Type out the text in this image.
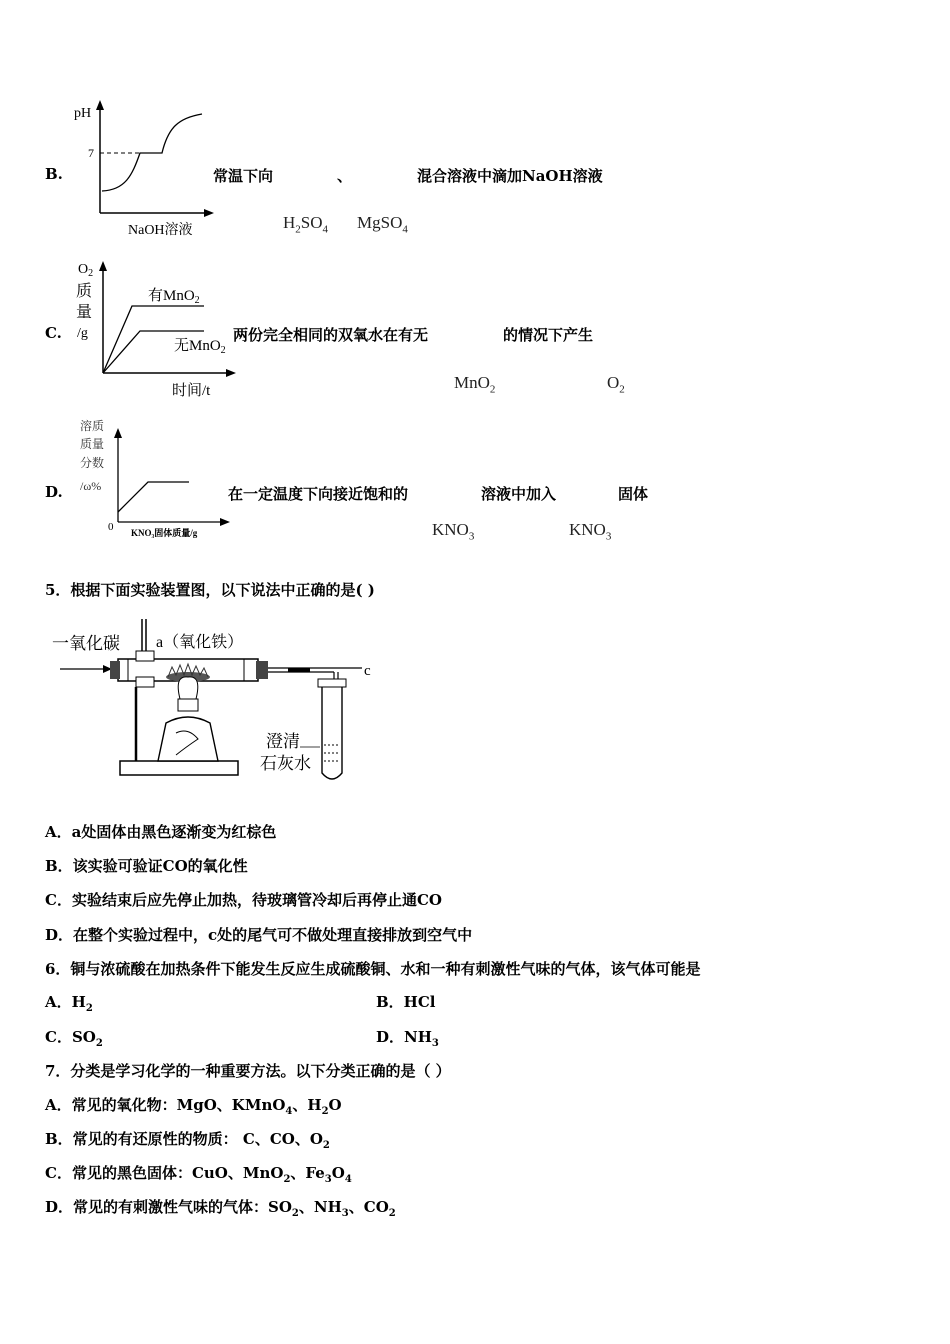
B.
pH
7
NaOH溶液
常温下向	、	混合溶液中滴加NaOH溶液
$H_2SO_4$ MgSO$_4$
C.
$O_2$
质
量
/g
有MnO$_2$
无MnO$_2$
时间/t
两份完全相同的双氧水在有无	的情况下产生
MnO$_2$	$O_2$
D.
溶质
质量
分数
/ω%
0 KNO₃固体质量/g
在一定温度下向接近饱和的	溶液中加入	固体
$KNO_3$	$KNO_3$
5．根据下面实验装置图，以下说法中正确的是( )
一氧化碳 a（氧化铁）
c
澄清
石灰水
A．a处固体由黑色逐渐变为红棕色
B．该实验可验证CO的氧化性
C．实验结束后应先停止加热，待玻璃管冷却后再停止通CO
D．在整个实验过程中，c处的尾气可不做处理直接排放到空气中
6．铜与浓硫酸在加热条件下能发生反应生成硫酸铜、水和一种有刺激性气味的气体，该气体可能是
A．$H_2$	B．HCl
C．$SO_2$	D．$NH_3$
7．分类是学习化学的一种重要方法。以下分类正确的是（ ）
A．常见的氧化物：MgO、KMnO$_4$、$H_2O$
B．常见的有还原性的物质： C、CO、$O_2$
C．常见的黑色固体：CuO、MnO$_2$、$Fe_3O_4$
D．常见的有刺激性气味的气体：$SO_2$、$NH_3$、$CO_2$
